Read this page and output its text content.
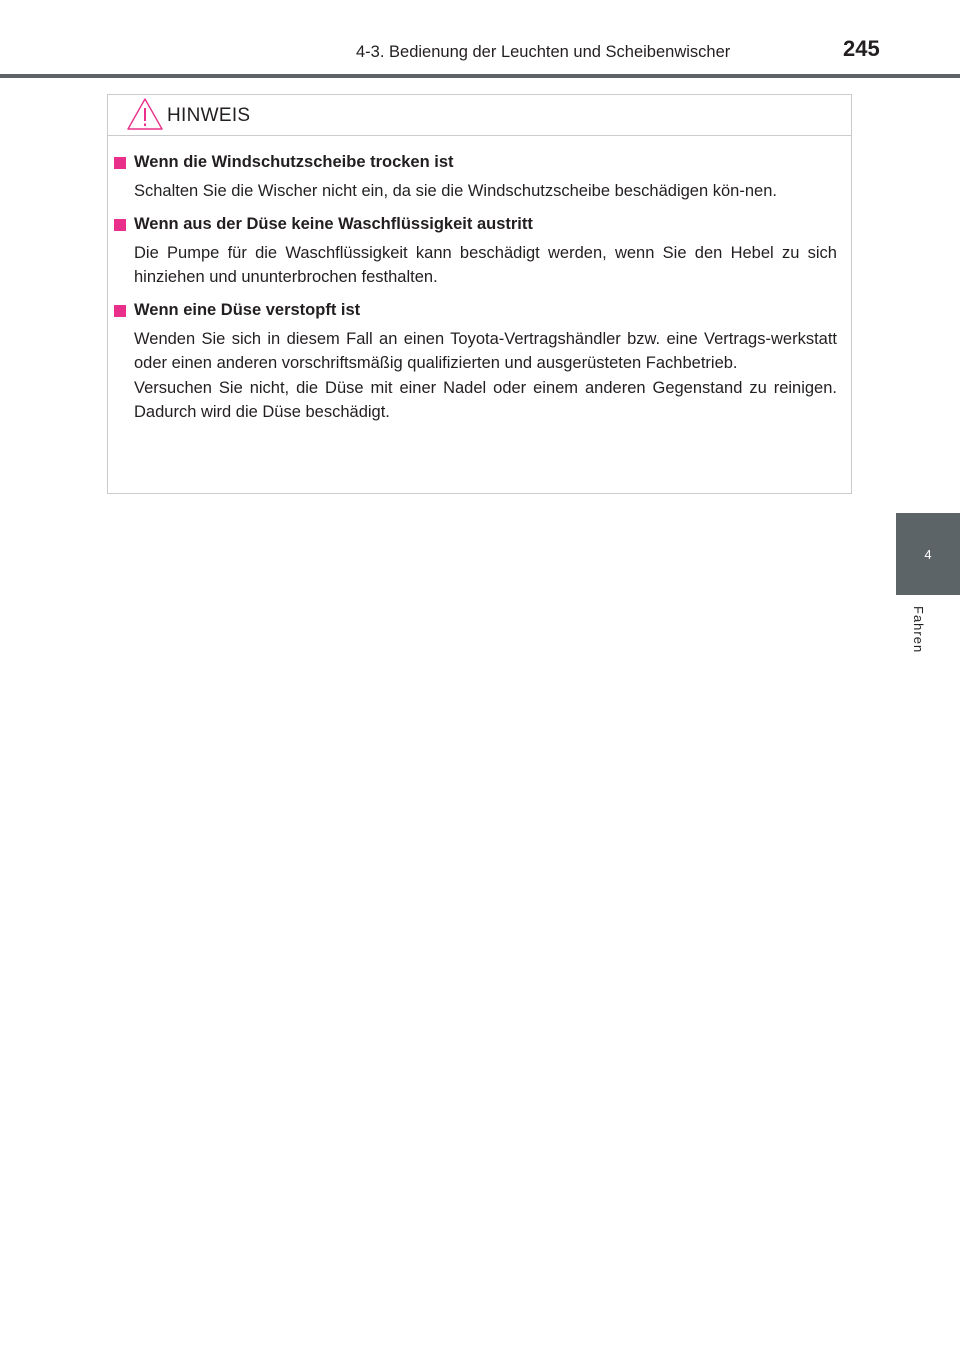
4-3. Bedienung der Leuchten und Scheibenwischer	245
4
Fahren
HINWEIS
Wenn die Windschutzscheibe trocken ist
Schalten Sie die Wischer nicht ein, da sie die Windschutzscheibe beschädigen kön-nen.
Wenn aus der Düse keine Waschflüssigkeit austritt
Die Pumpe für die Waschflüssigkeit kann beschädigt werden, wenn Sie den Hebel zu sich hinziehen und ununterbrochen festhalten.
Wenn eine Düse verstopft ist
Wenden Sie sich in diesem Fall an einen Toyota-Vertragshändler bzw. eine Vertrags-werkstatt oder einen anderen vorschriftsmäßig qualifizierten und ausgerüsteten Fachbetrieb.
Versuchen Sie nicht, die Düse mit einer Nadel oder einem anderen Gegenstand zu reinigen. Dadurch wird die Düse beschädigt.
